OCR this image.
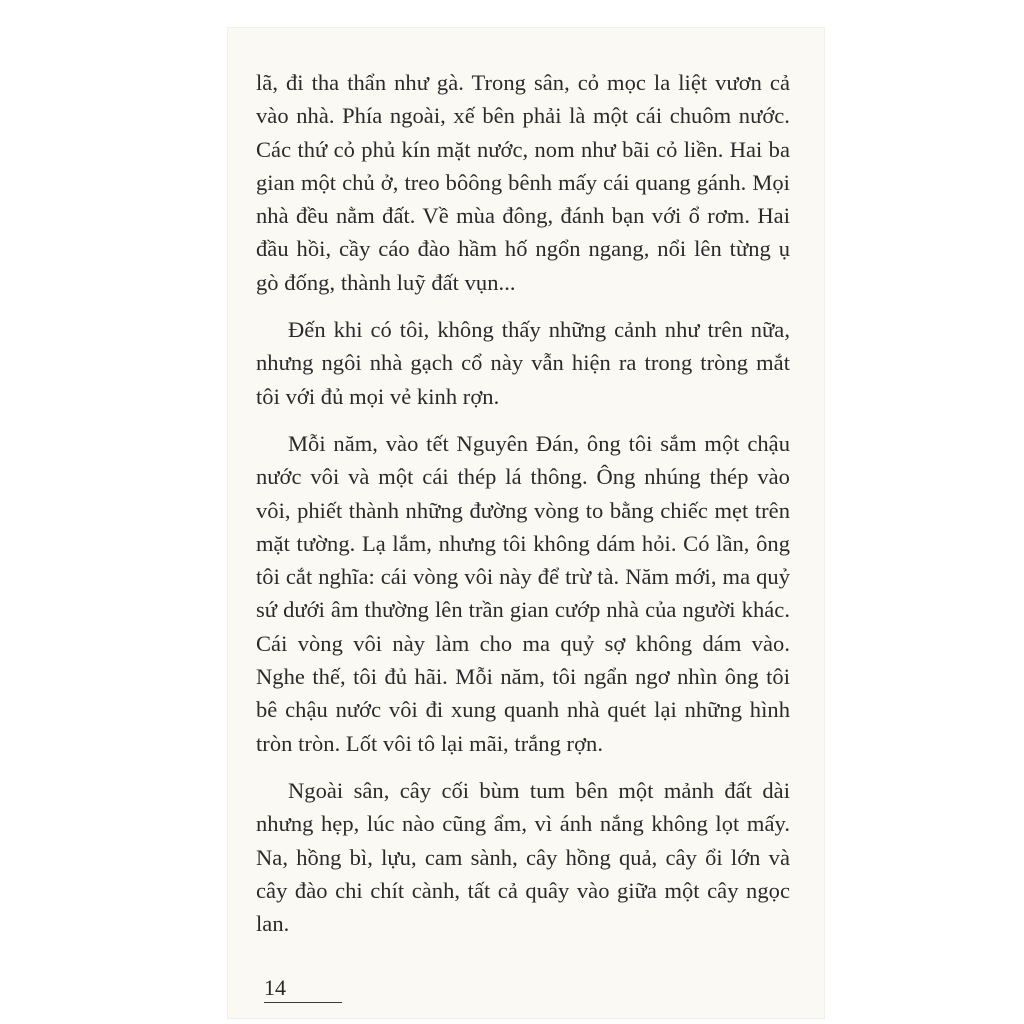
lã, đi tha thẩn như gà. Trong sân, cỏ mọc la liệt vươn cả vào nhà. Phía ngoài, xế bên phải là một cái chuôm nước. Các thứ cỏ phủ kín mặt nước, nom như bãi cỏ liền. Hai ba gian một chủ ở, treo bôông bênh mấy cái quang gánh. Mọi nhà đều nằm đất. Về mùa đông, đánh bạn với ổ rơm. Hai đầu hồi, cầy cáo đào hầm hố ngổn ngang, nổi lên từng ụ gò đống, thành luỹ đất vụn...

Đến khi có tôi, không thấy những cảnh như trên nữa, nhưng ngôi nhà gạch cổ này vẫn hiện ra trong tròng mắt tôi với đủ mọi vẻ kinh rợn.

Mỗi năm, vào tết Nguyên Đán, ông tôi sắm một chậu nước vôi và một cái thép lá thông. Ông nhúng thép vào vôi, phiết thành những đường vòng to bằng chiếc mẹt trên mặt tường. Lạ lắm, nhưng tôi không dám hỏi. Có lần, ông tôi cắt nghĩa: cái vòng vôi này để trừ tà. Năm mới, ma quỷ sứ dưới âm thường lên trần gian cướp nhà của người khác. Cái vòng vôi này làm cho ma quỷ sợ không dám vào. Nghe thế, tôi đủ hãi. Mỗi năm, tôi ngẩn ngơ nhìn ông tôi bê chậu nước vôi đi xung quanh nhà quét lại những hình tròn tròn. Lốt vôi tô lại mãi, trắng rợn.

Ngoài sân, cây cối bùm tum bên một mảnh đất dài nhưng hẹp, lúc nào cũng ẩm, vì ánh nắng không lọt mấy. Na, hồng bì, lựu, cam sành, cây hồng quả, cây ổi lớn và cây đào chi chít cành, tất cả quây vào giữa một cây ngọc lan.

14
